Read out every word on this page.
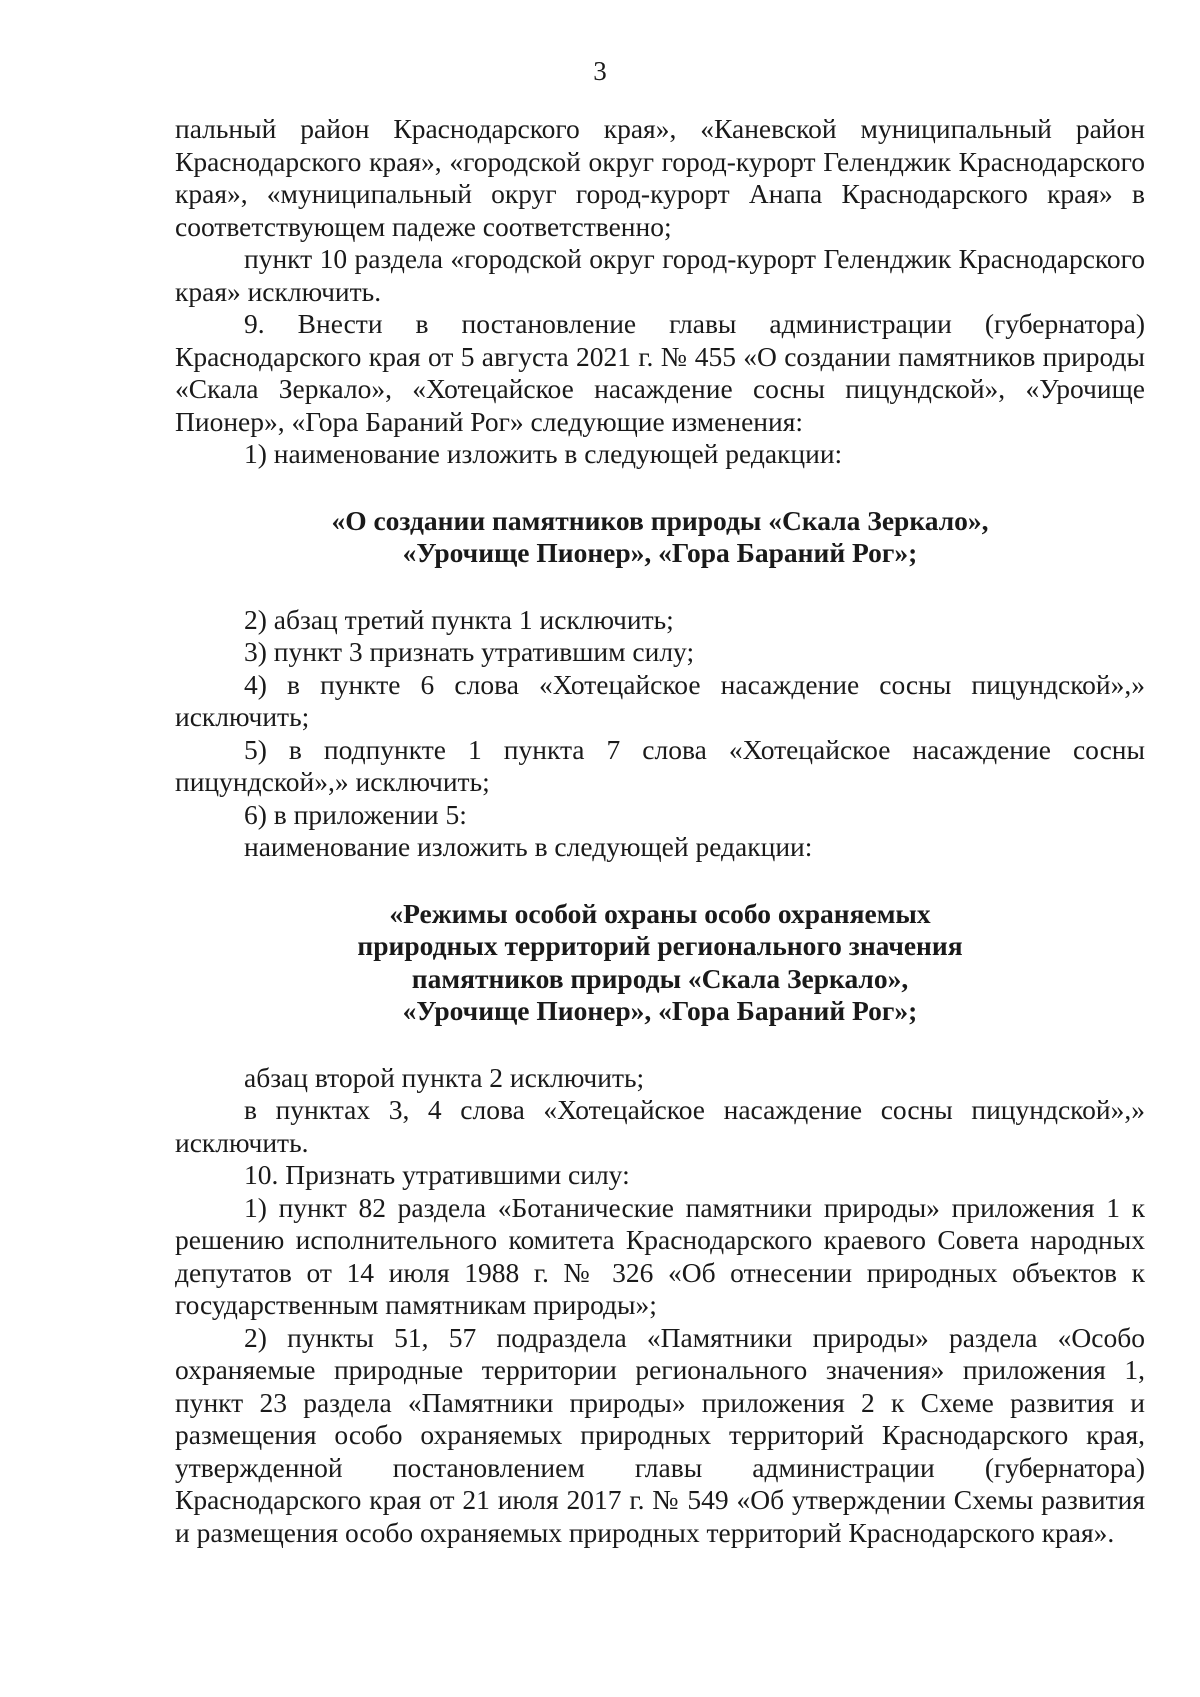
3

пальный район Краснодарского края», «Каневской муниципальный район Краснодарского края», «городской округ город-курорт Геленджик Краснодарского края», «муниципальный округ город-курорт Анапа Краснодарского края» в соответствующем падеже соответственно;

пункт 10 раздела «городской округ город-курорт Геленджик Краснодарского края» исключить.

9. Внести в постановление главы администрации (губернатора) Краснодарского края от 5 августа 2021 г. № 455 «О создании памятников природы «Скала Зеркало», «Хотецайское насаждение сосны пицундской», «Урочище Пионер», «Гора Бараний Рог» следующие изменения:

1) наименование изложить в следующей редакции:

«О создании памятников природы «Скала Зеркало»,
«Урочище Пионер», «Гора Бараний Рог»;

2) абзац третий пункта 1 исключить;

3) пункт 3 признать утратившим силу;

4) в пункте 6 слова «Хотецайское насаждение сосны пицундской»,» исключить;

5) в подпункте 1 пункта 7 слова «Хотецайское насаждение сосны пицундской»,» исключить;

6) в приложении 5:

наименование изложить в следующей редакции:

«Режимы особой охраны особо охраняемых
природных территорий регионального значения
памятников природы «Скала Зеркало»,
«Урочище Пионер», «Гора Бараний Рог»;

абзац второй пункта 2 исключить;

в пунктах 3, 4 слова «Хотецайское насаждение сосны пицундской»,» исключить.

10. Признать утратившими силу:

1) пункт 82 раздела «Ботанические памятники природы» приложения 1 к решению исполнительного комитета Краснодарского краевого Совета народных депутатов от 14 июля 1988 г. № 326 «Об отнесении природных объектов к государственным памятникам природы»;

2) пункты 51, 57 подраздела «Памятники природы» раздела «Особо охраняемые природные территории регионального значения» приложения 1, пункт 23 раздела «Памятники природы» приложения 2 к Схеме развития и размещения особо охраняемых природных территорий Краснодарского края, утвержденной постановлением главы администрации (губернатора) Краснодарского края от 21 июля 2017 г. № 549 «Об утверждении Схемы развития и размещения особо охраняемых природных территорий Краснодарского края».
